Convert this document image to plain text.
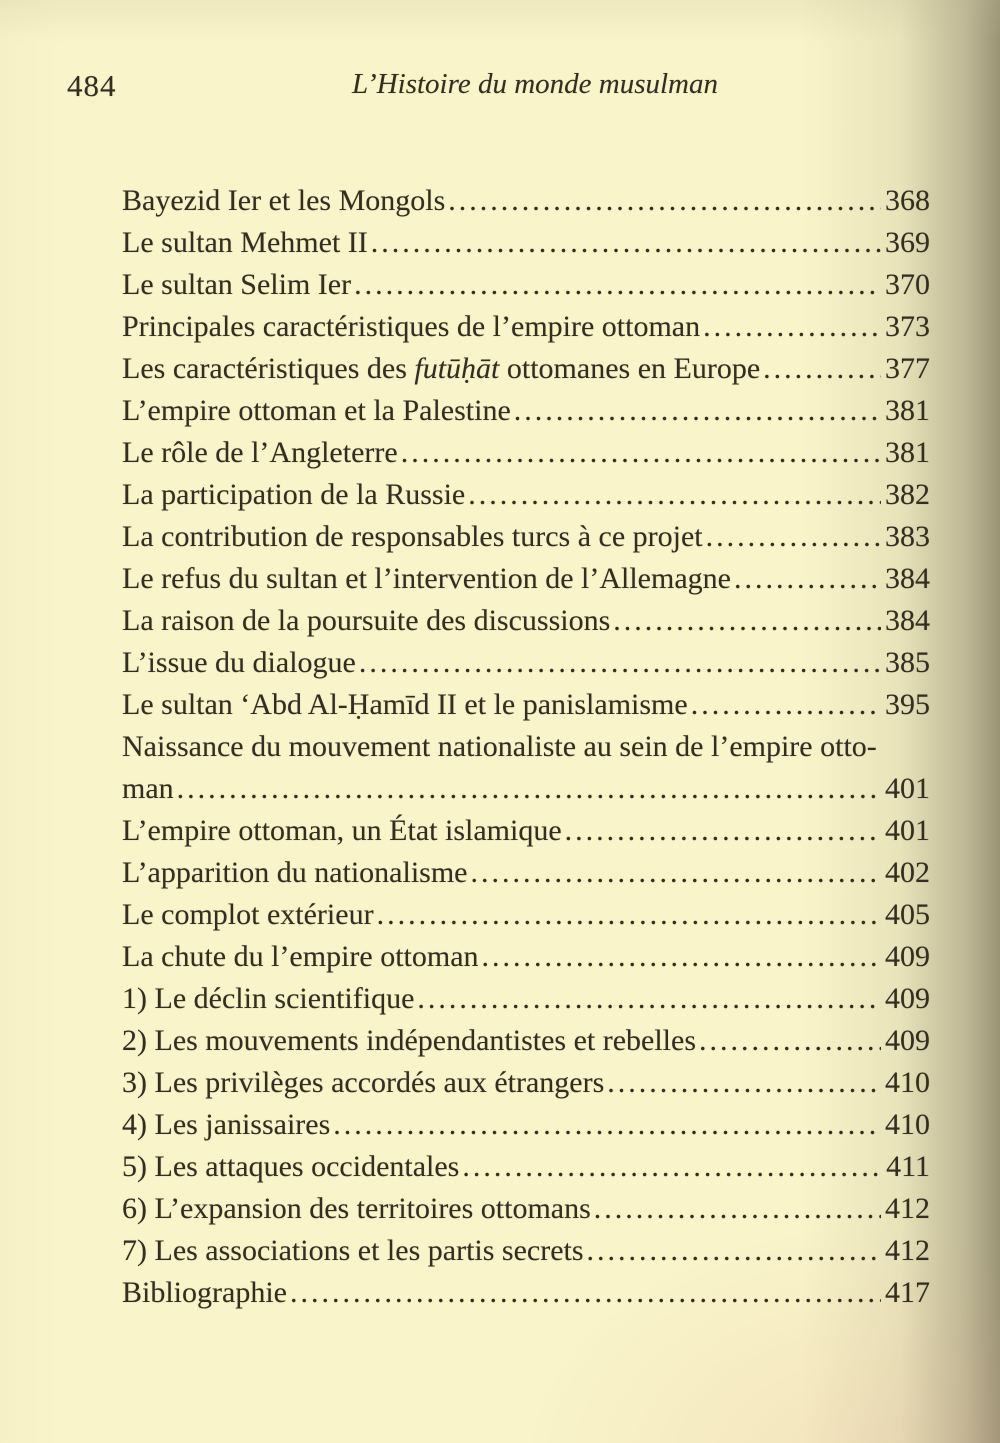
484	L’Histoire du monde musulman
Bayezid Ier et les Mongols .....	368
Le sultan Mehmet II .....	369
Le sultan Selim Ier .....	370
Principales caractéristiques de l’empire ottoman .....	373
Les caractéristiques des futūḥāt ottomanes en Europe .....	377
L’empire ottoman et la Palestine .....	381
Le rôle de l’Angleterre .....	381
La participation de la Russie .....	382
La contribution de responsables turcs à ce projet .....	383
Le refus du sultan et l’intervention de l’Allemagne .....	384
La raison de la poursuite des discussions .....	384
L’issue du dialogue .....	385
Le sultan ‘Abd Al-Ḥamīd II et le panislamisme .....	395
Naissance du mouvement nationaliste au sein de l’empire otto-
man .....	401
L’empire ottoman, un État islamique .....	401
L’apparition du nationalisme .....	402
Le complot extérieur .....	405
La chute du l’empire ottoman .....	409
1) Le déclin scientifique .....	409
2) Les mouvements indépendantistes et rebelles .....	409
3) Les privilèges accordés aux étrangers .....	410
4) Les janissaires .....	410
5) Les attaques occidentales .....	411
6) L’expansion des territoires ottomans .....	412
7) Les associations et les partis secrets .....	412
Bibliographie .....	417
